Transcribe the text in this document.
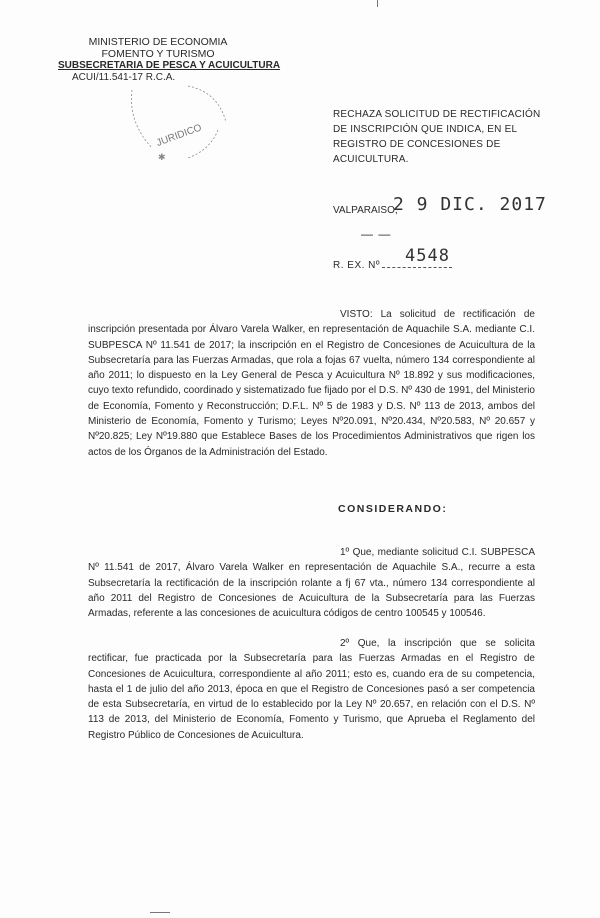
MINISTERIO DE ECONOMIA
FOMENTO Y TURISMO
SUBSECRETARIA DE PESCA Y ACUICULTURA
ACUI/11.541-17 R.C.A.
JURIDICO
✱
RECHAZA SOLICITUD DE RECTIFICACIÓN DE INSCRIPCIÓN QUE INDICA, EN EL REGISTRO DE CONCESIONES DE ACUICULTURA.
VALPARAISO,
2 9 DIC. 2017
— —
R. EX. Nº	4548
VISTO: La solicitud de rectificación de inscripción presentada por Álvaro Varela Walker, en representación de Aquachile S.A. mediante C.I. SUBPESCA Nº 11.541 de 2017; la inscripción en el Registro de Concesiones de Acuicultura de la Subsecretaría para las Fuerzas Armadas, que rola a fojas 67 vuelta, número 134 correspondiente al año 2011; lo dispuesto en la Ley General de Pesca y Acuicultura Nº 18.892 y sus modificaciones, cuyo texto refundido, coordinado y sistematizado fue fijado por el D.S. Nº 430 de 1991, del Ministerio de Economía, Fomento y Reconstrucción; D.F.L. Nº 5 de 1983 y D.S. Nº 113 de 2013, ambos del Ministerio de Economía, Fomento y Turismo; Leyes Nº20.091, Nº20.434, Nº20.583, Nº 20.657 y Nº20.825; Ley Nº19.880 que Establece Bases de los Procedimientos Administrativos que rigen los actos de los Órganos de la Administración del Estado.
CONSIDERANDO:
1º Que, mediante solicitud C.I. SUBPESCA Nº 11.541 de 2017, Álvaro Varela Walker en representación de Aquachile S.A., recurre a esta Subsecretaría la rectificación de la inscripción rolante a fj 67 vta., número 134 correspondiente al año 2011 del Registro de Concesiones de Acuicultura de la Subsecretaría para las Fuerzas Armadas, referente a las concesiones de acuicultura códigos de centro 100545 y 100546.
2º Que, la inscripción que se solicita rectificar, fue practicada por la Subsecretaría para las Fuerzas Armadas en el Registro de Concesiones de Acuicultura, correspondiente al año 2011; esto es, cuando era de su competencia, hasta el 1 de julio del año 2013, época en que el Registro de Concesiones pasó a ser competencia de esta Subsecretaría, en virtud de lo establecido por la Ley Nº 20.657, en relación con el D.S. Nº 113 de 2013, del Ministerio de Economía, Fomento y Turismo, que Aprueba el Reglamento del Registro Público de Concesiones de Acuicultura.
